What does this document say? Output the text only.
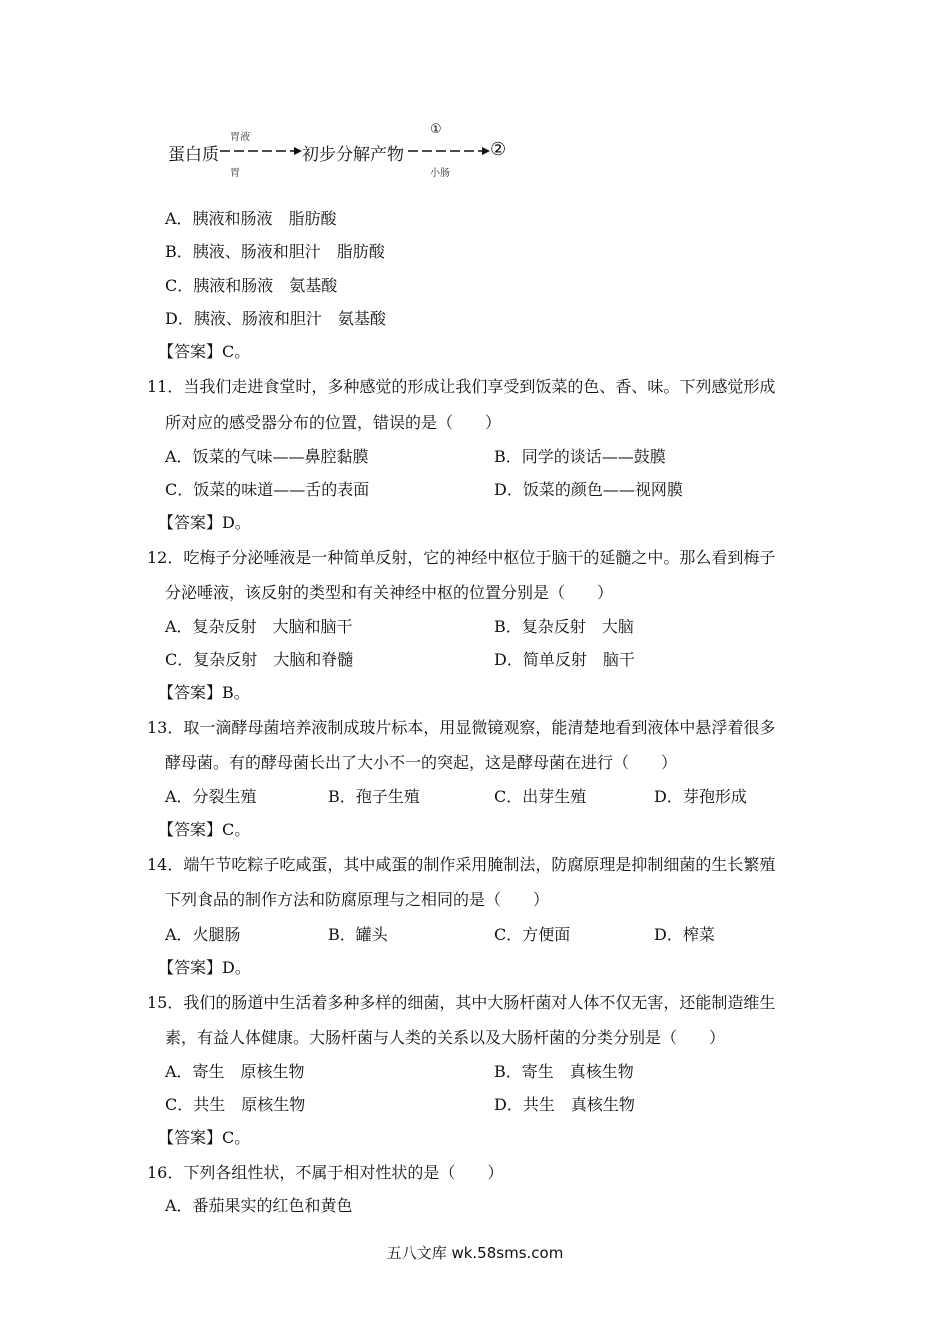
蛋白质
胃液
胃
初步分解产物
①
小肠
②
A．胰液和肠液　脂肪酸
B．胰液、肠液和胆汁　脂肪酸
C．胰液和肠液　氨基酸
D．胰液、肠液和胆汁　氨基酸
【答案】C。
11．当我们走进食堂时，多种感觉的形成让我们享受到饭菜的色、香、味。下列感觉形成
所对应的感受器分布的位置，错误的是（　　）
A．饭菜的气味——鼻腔黏膜	B．同学的谈话——鼓膜
C．饭菜的味道——舌的表面	D．饭菜的颜色——视网膜
【答案】D。
12．吃梅子分泌唾液是一种简单反射，它的神经中枢位于脑干的延髓之中。那么看到梅子
分泌唾液，该反射的类型和有关神经中枢的位置分别是（　　）
A．复杂反射　大脑和脑干	B．复杂反射　大脑
C．复杂反射　大脑和脊髓	D．简单反射　脑干
【答案】B。
13．取一滴酵母菌培养液制成玻片标本，用显微镜观察，能清楚地看到液体中悬浮着很多
酵母菌。有的酵母菌长出了大小不一的突起，这是酵母菌在进行（　　）
A．分裂生殖	B．孢子生殖	C．出芽生殖	D．芽孢形成
【答案】C。
14．端午节吃粽子吃咸蛋，其中咸蛋的制作采用腌制法，防腐原理是抑制细菌的生长繁殖
下列食品的制作方法和防腐原理与之相同的是（　　）
A．火腿肠	B．罐头	C．方便面	D．榨菜
【答案】D。
15．我们的肠道中生活着多种多样的细菌，其中大肠杆菌对人体不仅无害，还能制造维生
素，有益人体健康。大肠杆菌与人类的关系以及大肠杆菌的分类分别是（　　）
A．寄生　原核生物	B．寄生　真核生物
C．共生　原核生物	D．共生　真核生物
【答案】C。
16．下列各组性状，不属于相对性状的是（　　）
A．番茄果实的红色和黄色
五八文库 wk.58sms.com
